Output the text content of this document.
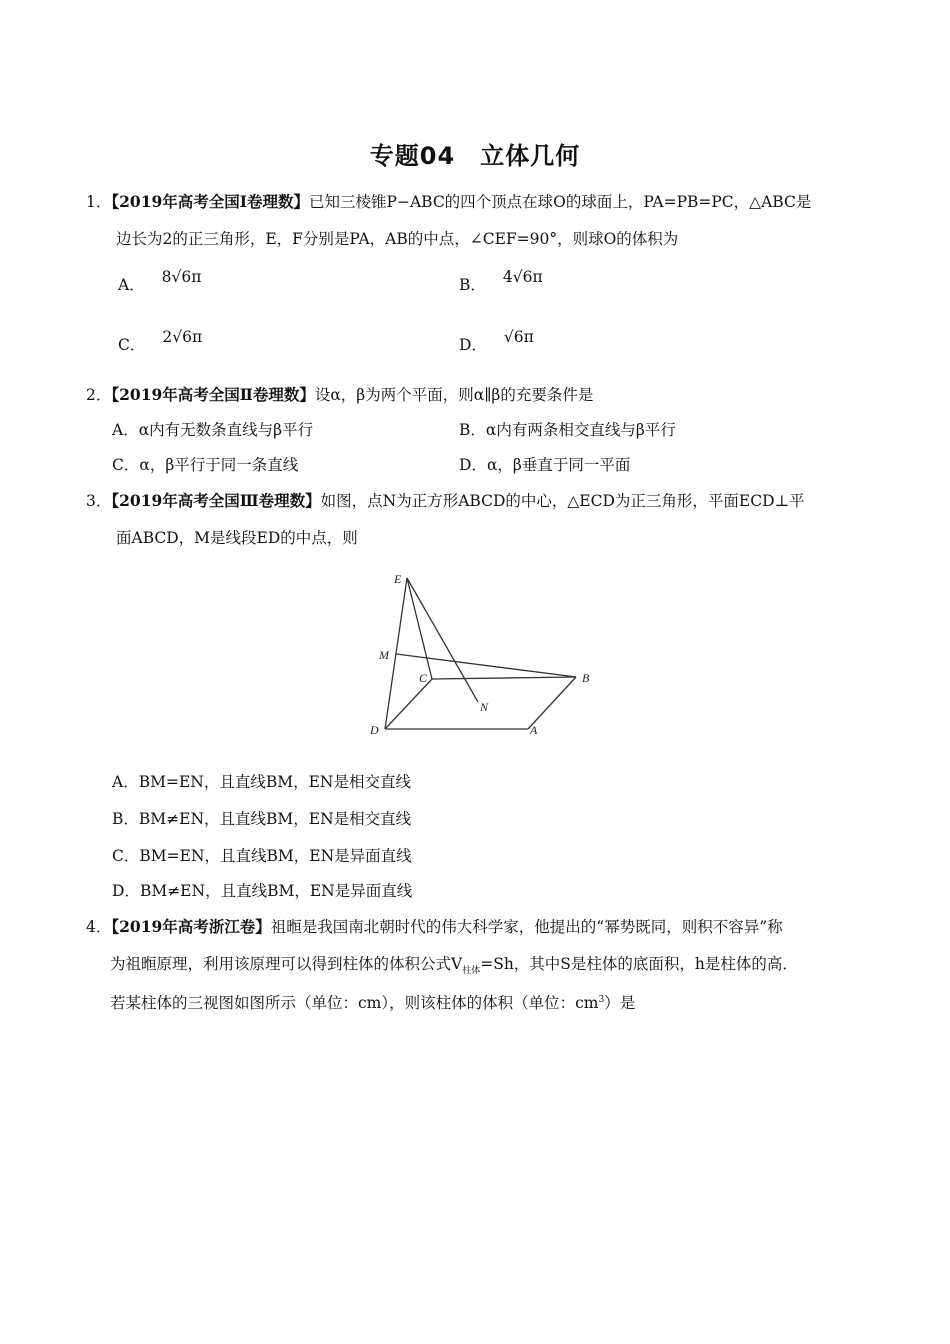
专题04　立体几何
1．【2019年高考全国Ⅰ卷理数】已知三棱锥P−ABC的四个顶点在球O的球面上，PA=PB=PC，△ABC是
边长为2的正三角形，E，F分别是PA，AB的中点，∠CEF=90°，则球O的体积为
A． 8√6π	B． 4√6π
C． 2√6π	D． √6π
2．【2019年高考全国Ⅱ卷理数】设α，β为两个平面，则α∥β的充要条件是
A．α内有无数条直线与β平行	B．α内有两条相交直线与β平行
C．α，β平行于同一条直线	D．α，β垂直于同一平面
3．【2019年高考全国Ⅲ卷理数】如图，点N为正方形ABCD的中心，△ECD为正三角形，平面ECD⊥平
面ABCD，M是线段ED的中点，则
E
M
C	B
N
D	A
A．BM=EN，且直线BM，EN是相交直线
B．BM≠EN，且直线BM，EN是相交直线
C．BM=EN，且直线BM，EN是异面直线
D．BM≠EN，且直线BM，EN是异面直线
4．【2019年高考浙江卷】祖暅是我国南北朝时代的伟大科学家，他提出的“幂势既同，则积不容异”称
为祖暅原理，利用该原理可以得到柱体的体积公式$V_{柱体}=Sh$，其中S是柱体的底面积，h是柱体的高．
若某柱体的三视图如图所示（单位：cm），则该柱体的体积（单位：$cm^3$）是
